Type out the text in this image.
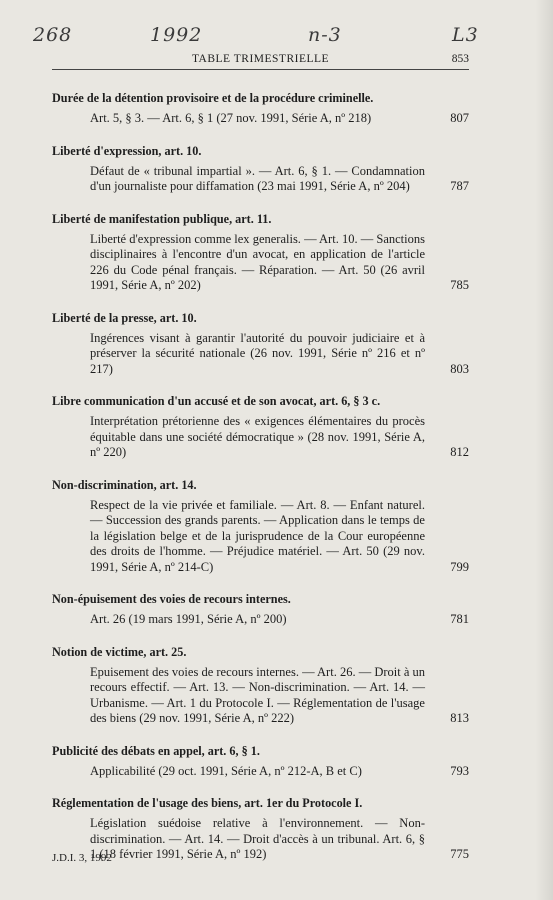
268	1992	n-3	L3
TABLE TRIMESTRIELLE	853
Durée de la détention provisoire et de la procédure criminelle.
Art. 5, § 3. — Art. 6, § 1 (27 nov. 1991, Série A, nº 218)	807
Liberté d'expression, art. 10.
Défaut de « tribunal impartial ». — Art. 6, § 1. — Condamnation d'un journaliste pour diffamation (23 mai 1991, Série A, nº 204)	787
Liberté de manifestation publique, art. 11.
Liberté d'expression comme lex generalis. — Art. 10. — Sanctions disciplinaires à l'encontre d'un avocat, en application de l'article 226 du Code pénal français. — Réparation. — Art. 50 (26 avril 1991, Série A, nº 202)	785
Liberté de la presse, art. 10.
Ingérences visant à garantir l'autorité du pouvoir judiciaire et à préserver la sécurité nationale (26 nov. 1991, Série nº 216 et nº 217)	803
Libre communication d'un accusé et de son avocat, art. 6, § 3 c.
Interprétation prétorienne des « exigences élémentaires du procès équitable dans une société démocratique » (28 nov. 1991, Série A, nº 220)	812
Non-discrimination, art. 14.
Respect de la vie privée et familiale. — Art. 8. — Enfant naturel. — Succession des grands parents. — Application dans le temps de la législation belge et de la jurisprudence de la Cour européenne des droits de l'homme. — Préjudice matériel. — Art. 50 (29 nov. 1991, Série A, nº 214-C)	799
Non-épuisement des voies de recours internes.
Art. 26 (19 mars 1991, Série A, nº 200)	781
Notion de victime, art. 25.
Epuisement des voies de recours internes. — Art. 26. — Droit à un recours effectif. — Art. 13. — Non-discrimination. — Art. 14. — Urbanisme. — Art. 1 du Protocole I. — Réglementation de l'usage des biens (29 nov. 1991, Série A, nº 222)	813
Publicité des débats en appel, art. 6, § 1.
Applicabilité (29 oct. 1991, Série A, nº 212-A, B et C)	793
Réglementation de l'usage des biens, art. 1er du Protocole I.
Législation suédoise relative à l'environnement. — Non-discrimination. — Art. 14. — Droit d'accès à un tribunal. Art. 6, § 1 (18 février 1991, Série A, nº 192)	775
J.D.I. 3, 1992
